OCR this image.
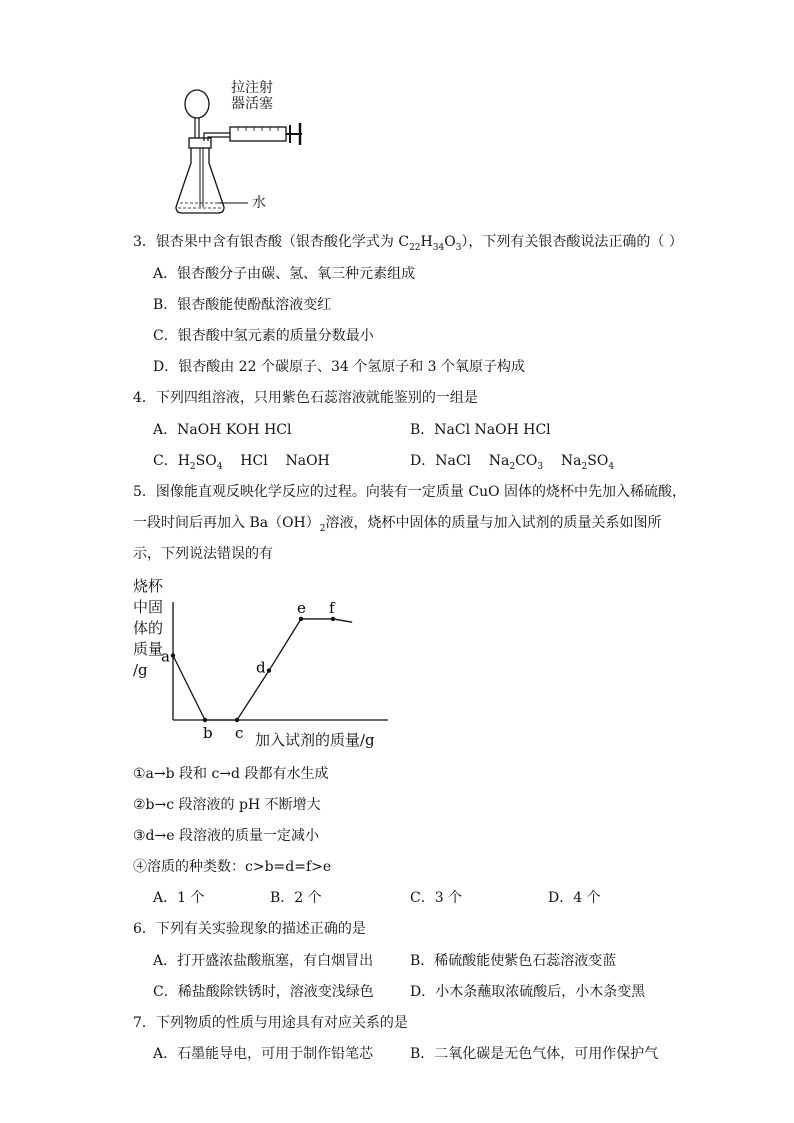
拉注射
器活塞
水
3．银杏果中含有银杏酸（银杏酸化学式为 $C_{22}H_{34}O_3$），下列有关银杏酸说法正确的（ ）
A．银杏酸分子由碳、氢、氧三种元素组成
B．银杏酸能使酚酞溶液变红
C．银杏酸中氢元素的质量分数最小
D．银杏酸由 22 个碳原子、34 个氢原子和 3 个氧原子构成
4．下列四组溶液，只用紫色石蕊溶液就能鉴别的一组是
A．NaOH KOH HCl	B．NaCl NaOH HCl
C．$H_2SO_4$    HCl    NaOH	D．NaCl    $Na_2CO_3$    $Na_2SO_4$
5．图像能直观反映化学反应的过程。向装有一定质量 CuO 固体的烧杯中先加入稀硫酸，
一段时间后再加入 $Ba(OH)_2$溶液，烧杯中固体的质量与加入试剂的质量关系如图所
示，下列说法错误的有
a
b c
d
e f
烧杯
中固
体的
质量
/g
加入试剂的质量/g
①a→b 段和 c→d 段都有水生成
②b→c 段溶液的 pH 不断增大
③d→e 段溶液的质量一定减小
④溶质的种类数：c>b=d=f>e
A．1 个	B．2 个	C．3 个	D．4 个
6．下列有关实验现象的描述正确的是
A．打开盛浓盐酸瓶塞，有白烟冒出	B．稀硫酸能使紫色石蕊溶液变蓝
C．稀盐酸除铁锈时，溶液变浅绿色	D．小木条蘸取浓硫酸后，小木条变黑
7．下列物质的性质与用途具有对应关系的是
A．石墨能导电，可用于制作铅笔芯	B．二氧化碳是无色气体，可用作保护气
